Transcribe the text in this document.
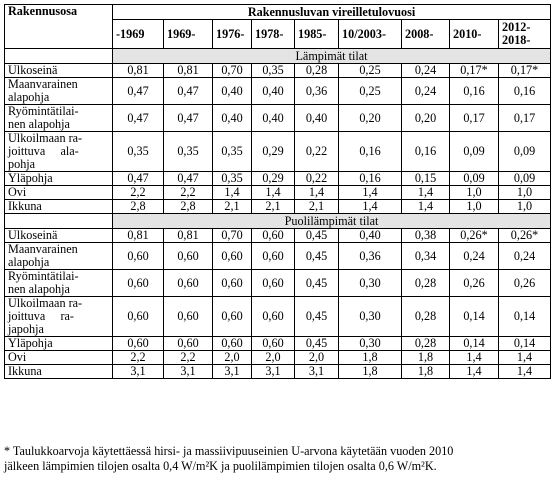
Rakennusosa	Rakennusluvan vireilletulovuosi								

	-1969	1969-	1976-	1978-	1985-	10/2003-	2008-	2010-	2012-
2018-

	Lämpimät tilat								

Ulkoseinä	0,81	0,81	0,70	0,35	0,28	0,25	0,24	0,17*	0,17*

Maanvarainen
alapohja	0,47	0,47	0,40	0,40	0,36	0,25	0,24	0,16	0,16

Ryömintätilai-
nen alapohja	0,47	0,47	0,40	0,40	0,40	0,20	0,20	0,17	0,17

Ulkoilmaan ra-
joittuva     ala-
pohja	0,35	0,35	0,35	0,29	0,22	0,16	0,16	0,09	0,09

Yläpohja	0,47	0,47	0,35	0,29	0,22	0,16	0,15	0,09	0,09

Ovi	2,2	2,2	1,4	1,4	1,4	1,4	1,4	1,0	1,0

Ikkuna	2,8	2,8	2,1	2,1	2,1	1,4	1,4	1,0	1,0
	Puolilämpimät tilat								

Ulkoseinä	0,81	0,81	0,70	0,60	0,45	0,40	0,38	0,26*	0,26*

Maanvarainen
alapohja	0,60	0,60	0,60	0,60	0,45	0,36	0,34	0,24	0,24

Ryömintätilai-
nen alapohja	0,60	0,60	0,60	0,60	0,45	0,30	0,28	0,26	0,26

Ulkoilmaan ra-
joittuva     ra-
japohja	0,60	0,60	0,60	0,60	0,45	0,30	0,28	0,14	0,14

Yläpohja	0,60	0,60	0,60	0,60	0,45	0,30	0,28	0,14	0,14

Ovi	2,2	2,2	2,0	2,0	2,0	1,8	1,8	1,4	1,4

Ikkuna	3,1	3,1	3,1	3,1	3,1	1,8	1,8	1,4	1,4
* Taulukkoarvoja käytettäessä hirsi- ja massiivipuuseinien U-arvona käytetään vuoden 2010
jälkeen lämpimien tilojen osalta 0,4 W/m²K ja puolilämpimien tilojen osalta 0,6 W/m²K.
